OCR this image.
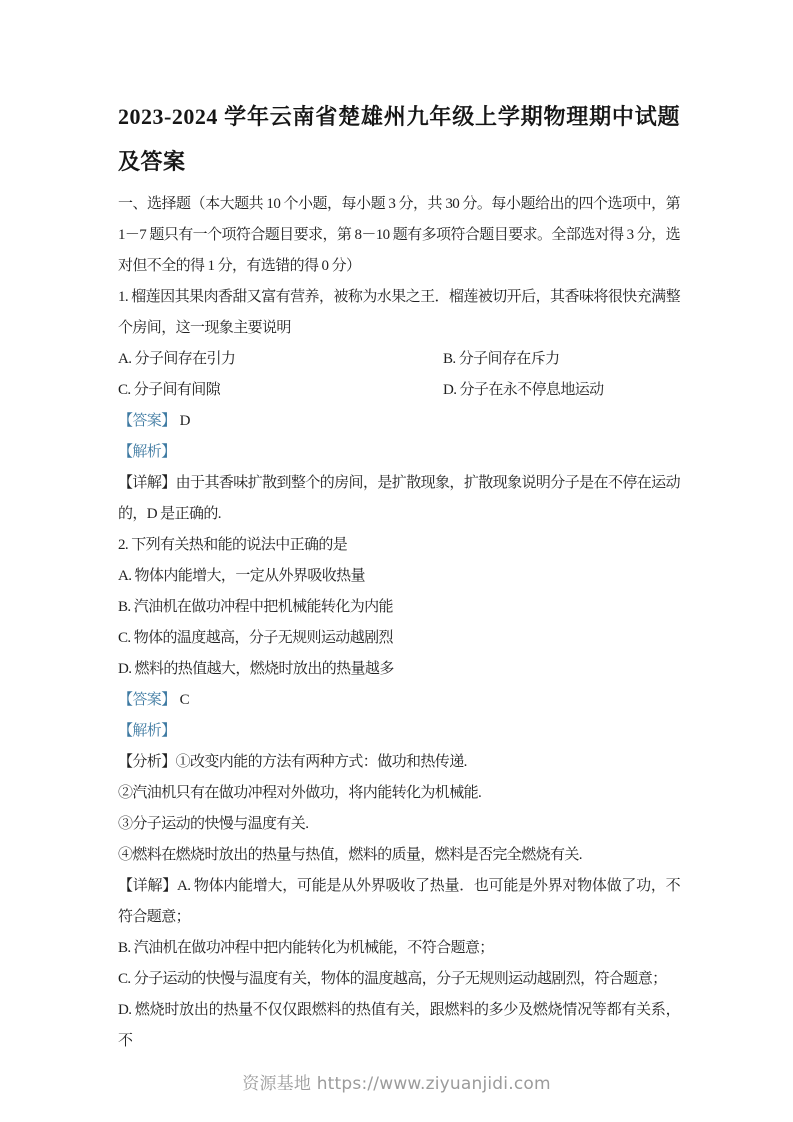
2023-2024 学年云南省楚雄州九年级上学期物理期中试题及答案

一、选择题（本大题共 10 个小题，每小题 3 分，共 30 分。每小题给出的四个选项中，第 1－7 题只有一个项符合题目要求，第 8－10 题有多项符合题目要求。全部选对得 3 分，选对但不全的得 1 分，有选错的得 0 分）

1. 榴莲因其果肉香甜又富有营养，被称为水果之王．榴莲被切开后，其香味将很快充满整个房间，这一现象主要说明

A. 分子间存在引力	B. 分子间存在斥力
C. 分子间有间隙	D. 分子在永不停息地运动

【答案】 D

【解析】

【详解】由于其香味扩散到整个的房间，是扩散现象，扩散现象说明分子是在不停在运动的，D 是正确的.

2. 下列有关热和能的说法中正确的是

A. 物体内能增大，一定从外界吸收热量

B. 汽油机在做功冲程中把机械能转化为内能

C. 物体的温度越高，分子无规则运动越剧烈

D. 燃料的热值越大，燃烧时放出的热量越多

【答案】 C

【解析】

【分析】①改变内能的方法有两种方式：做功和热传递.

②汽油机只有在做功冲程对外做功，将内能转化为机械能.

③分子运动的快慢与温度有关.

④燃料在燃烧时放出的热量与热值，燃料的质量，燃料是否完全燃烧有关.

【详解】A. 物体内能增大，可能是从外界吸收了热量．也可能是外界对物体做了功，不符合题意；

B. 汽油机在做功冲程中把内能转化为机械能，不符合题意；

C. 分子运动的快慢与温度有关，物体的温度越高，分子无规则运动越剧烈，符合题意；

D. 燃烧时放出的热量不仅仅跟燃料的热值有关，跟燃料的多少及燃烧情况等都有关系，不

资源基地 https://www.ziyuanjidi.com
